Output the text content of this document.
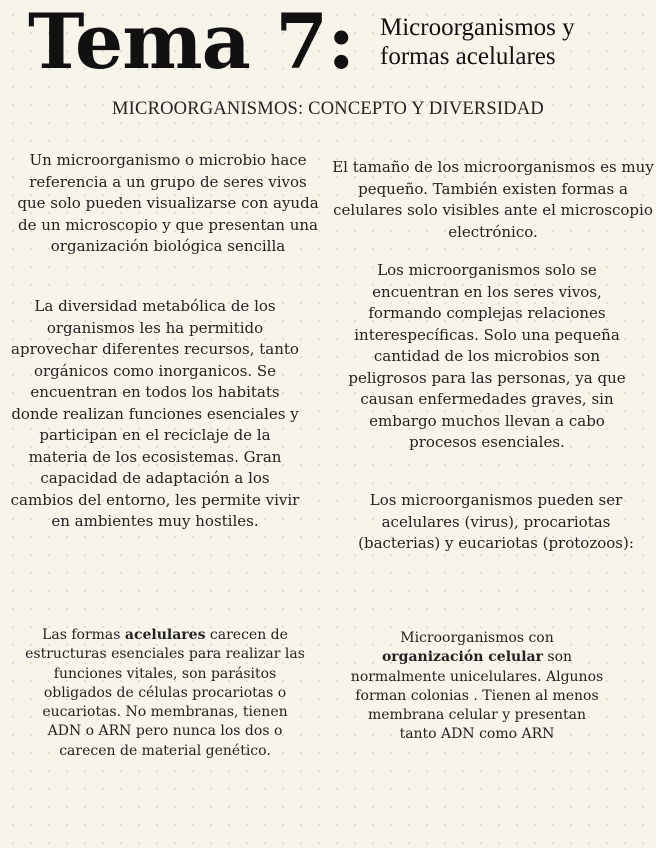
Tema 7: Microorganismos y formas acelulares
MICROORGANISMOS: CONCEPTO Y DIVERSIDAD

Un microorganismo o microbio hace referencia a un grupo de seres vivos que solo pueden visualizarse con ayuda de un microscopio y que presentan una organización biológica sencilla

La diversidad metabólica de los organismos les ha permitido aprovechar diferentes recursos, tanto orgánicos como inorganicos. Se encuentran en todos los habitats donde realizan funciones esenciales y participan en el reciclaje de la materia de los ecosistemas. Gran capacidad de adaptación a los cambios del entorno, les permite vivir en ambientes muy hostiles.

Las formas acelulares carecen de estructuras esenciales para realizar las funciones vitales, son parásitos obligados de células procariotas o eucariotas. No membranas, tienen ADN o ARN pero nunca los dos o carecen de material genético.

El tamaño de los microorganismos es muy pequeño. También existen formas a celulares solo visibles ante el microscopio electrónico.

Los microorganismos solo se encuentran en los seres vivos, formando complejas relaciones interespecíficas. Solo una pequeña cantidad de los microbios son peligrosos para las personas, ya que causan enfermedades graves, sin embargo muchos llevan a cabo procesos esenciales.

Los microorganismos pueden ser acelulares (virus), procariotas (bacterias) y eucariotas (protozoos):

Microorganismos con organización celular son normalmente unicelulares. Algunos forman colonias . Tienen al menos membrana celular y presentan tanto ADN como ARN
